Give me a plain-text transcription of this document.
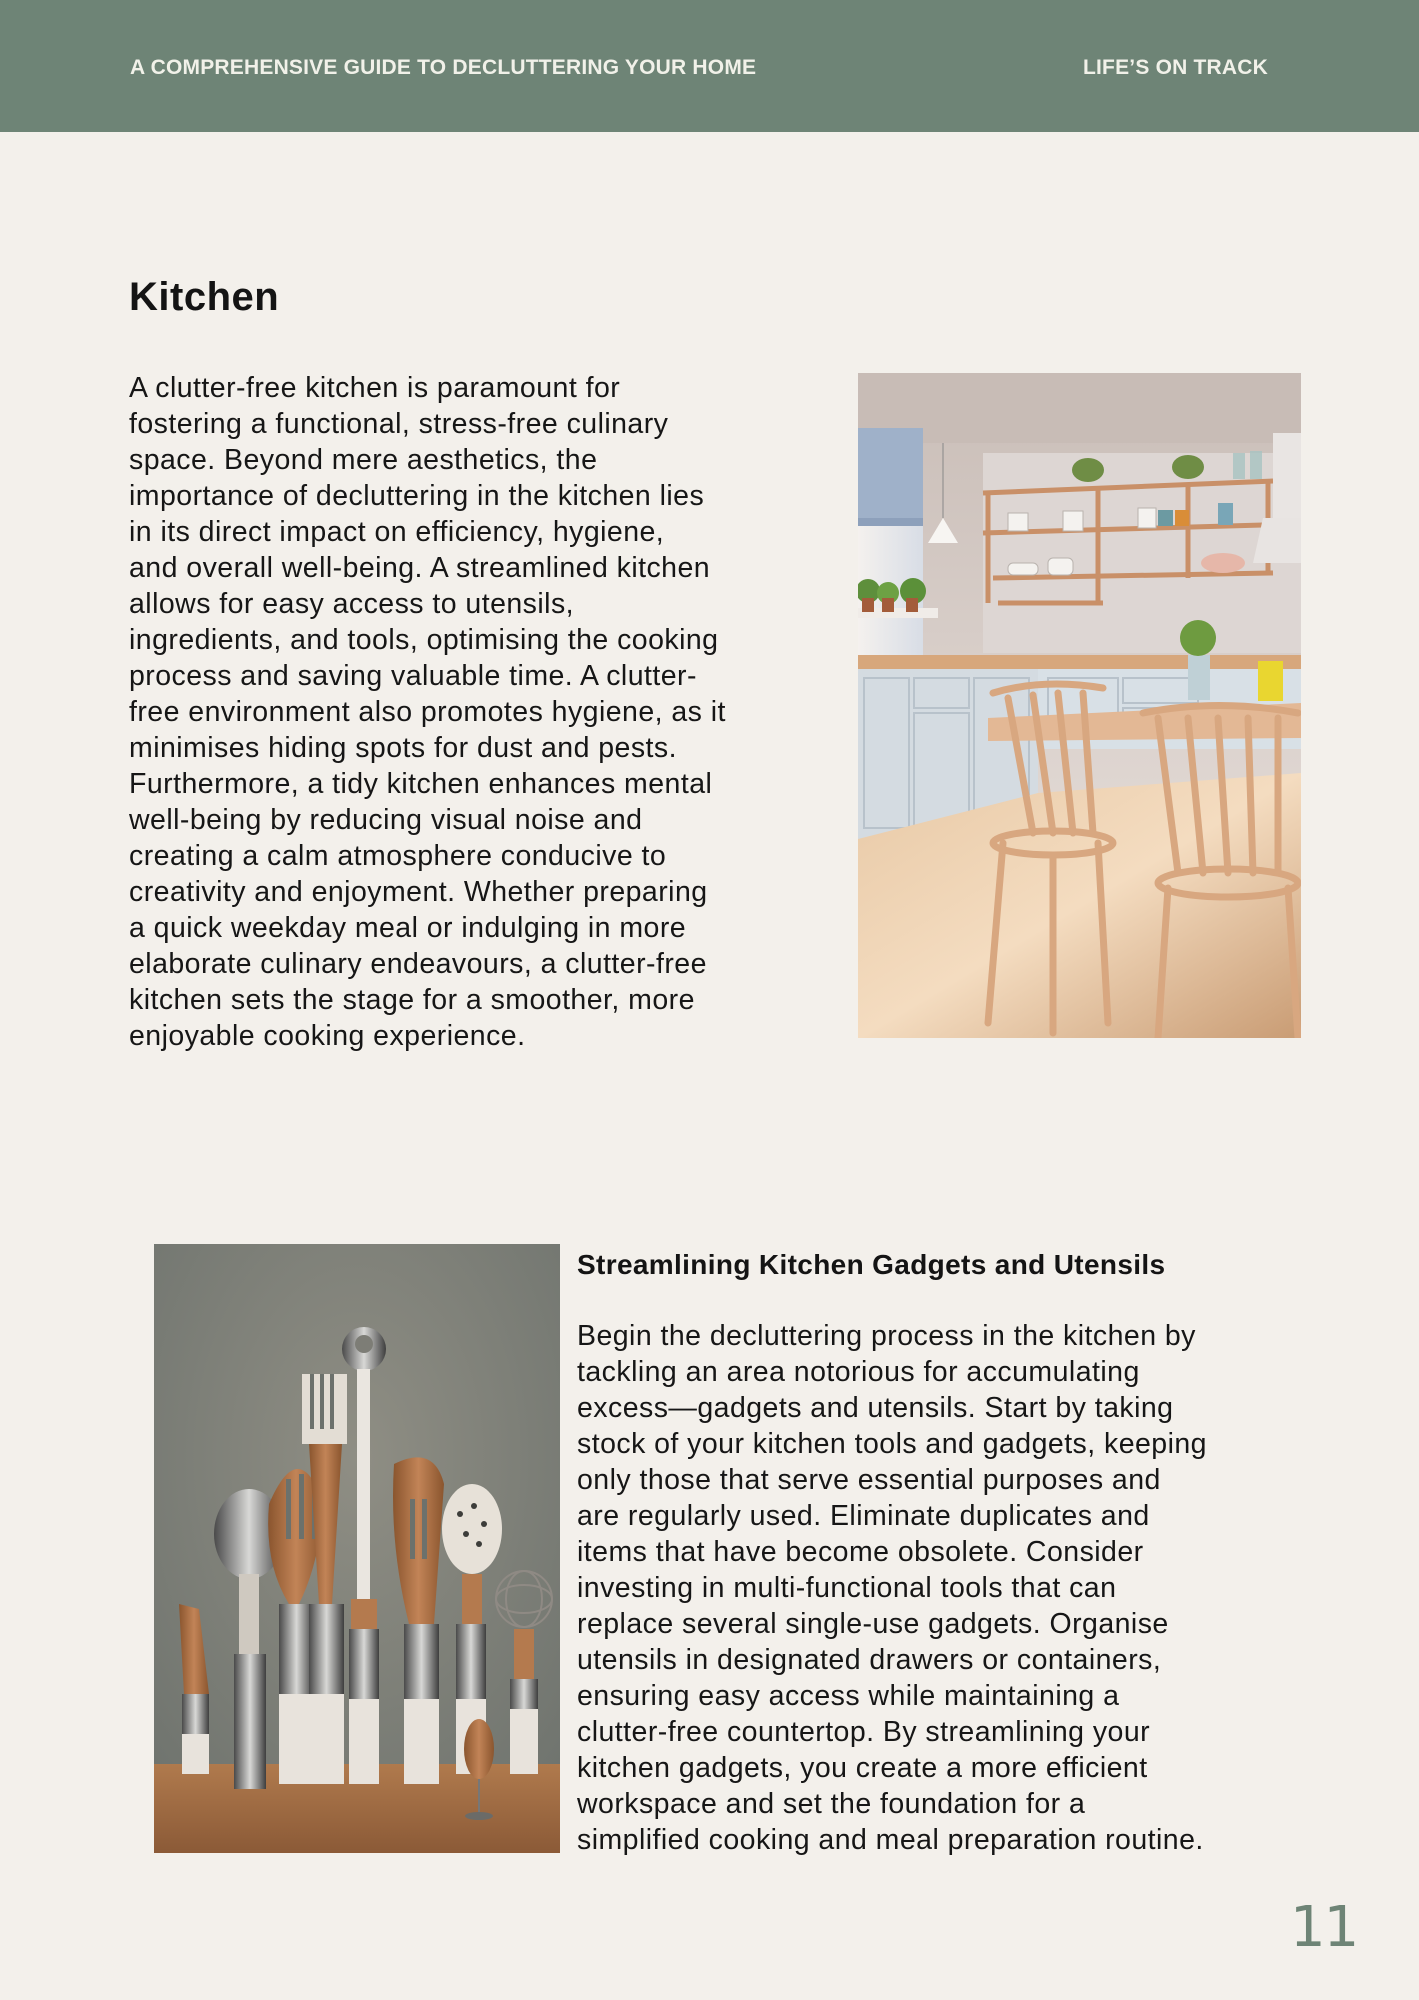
A COMPREHENSIVE GUIDE TO DECLUTTERING YOUR HOME	LIFE’S ON TRACK
Kitchen

A clutter-free kitchen is paramount for
fostering a functional, stress-free culinary
space. Beyond mere aesthetics, the
importance of decluttering in the kitchen lies
in its direct impact on efficiency, hygiene,
and overall well-being. A streamlined kitchen
allows for easy access to utensils,
ingredients, and tools, optimising the cooking
process and saving valuable time. A clutter-
free environment also promotes hygiene, as it
minimises hiding spots for dust and pests.
Furthermore, a tidy kitchen enhances mental
well-being by reducing visual noise and
creating a calm atmosphere conducive to
creativity and enjoyment. Whether preparing
a quick weekday meal or indulging in more
elaborate culinary endeavours, a clutter-free
kitchen sets the stage for a smoother, more
enjoyable cooking experience.

Streamlining Kitchen Gadgets and Utensils

Begin the decluttering process in the kitchen by
tackling an area notorious for accumulating
excess—gadgets and utensils. Start by taking
stock of your kitchen tools and gadgets, keeping
only those that serve essential purposes and
are regularly used. Eliminate duplicates and
items that have become obsolete. Consider
investing in multi-functional tools that can
replace several single-use gadgets. Organise
utensils in designated drawers or containers,
ensuring easy access while maintaining a
clutter-free countertop. By streamlining your
kitchen gadgets, you create a more efficient
workspace and set the foundation for a
simplified cooking and meal preparation routine.

11
